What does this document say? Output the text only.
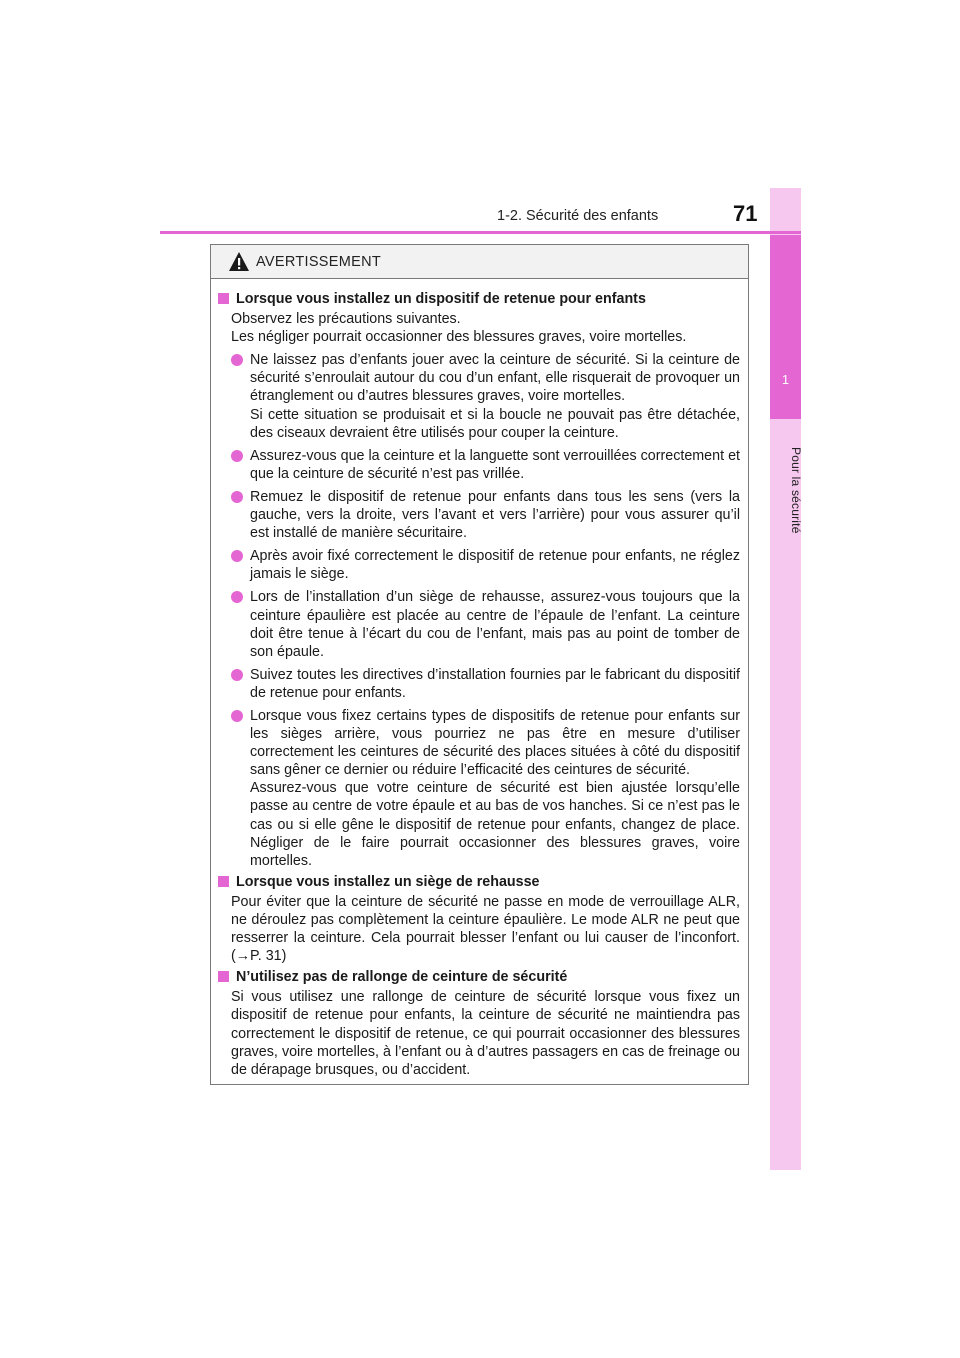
1
Pour la sécurité
1-2. Sécurité des enfants	71
AVERTISSEMENT
Lorsque vous installez un dispositif de retenue pour enfants

Observez les précautions suivantes.

Les négliger pourrait occasionner des blessures graves, voire mortelles.

Ne laissez pas d’enfants jouer avec la ceinture de sécurité. Si la ceinture de sécurité s’enroulait autour du cou d’un enfant, elle risquerait de provoquer un étranglement ou d’autres blessures graves, voire mortelles.

Si cette situation se produisait et si la boucle ne pouvait pas être détachée, des ciseaux devraient être utilisés pour couper la ceinture.

Assurez-vous que la ceinture et la languette sont verrouillées correctement et que la ceinture de sécurité n’est pas vrillée.

Remuez le dispositif de retenue pour enfants dans tous les sens (vers la gauche, vers la droite, vers l’avant et vers l’arrière) pour vous assurer qu’il est installé de manière sécuritaire.

Après avoir fixé correctement le dispositif de retenue pour enfants, ne réglez jamais le siège.

Lors de l’installation d’un siège de rehausse, assurez-vous toujours que la ceinture épaulière est placée au centre de l’épaule de l’enfant. La ceinture doit être tenue à l’écart du cou de l’enfant, mais pas au point de tomber de son épaule.

Suivez toutes les directives d’installation fournies par le fabricant du dispositif de retenue pour enfants.

Lorsque vous fixez certains types de dispositifs de retenue pour enfants sur les sièges arrière, vous pourriez ne pas être en mesure d’utiliser correctement les ceintures de sécurité des places situées à côté du dispositif sans gêner ce dernier ou réduire l’efficacité des ceintures de sécurité.

Assurez-vous que votre ceinture de sécurité est bien ajustée lorsqu’elle passe au centre de votre épaule et au bas de vos hanches. Si ce n’est pas le cas ou si elle gêne le dispositif de retenue pour enfants, changez de place. Négliger de le faire pourrait occasionner des blessures graves, voire mortelles.

Lorsque vous installez un siège de rehausse

Pour éviter que la ceinture de sécurité ne passe en mode de verrouillage ALR, ne déroulez pas complètement la ceinture épaulière. Le mode ALR ne peut que resserrer la ceinture. Cela pourrait blesser l’enfant ou lui causer de l’inconfort. (→P. 31)

N’utilisez pas de rallonge de ceinture de sécurité

Si vous utilisez une rallonge de ceinture de sécurité lorsque vous fixez un dispositif de retenue pour enfants, la ceinture de sécurité ne maintiendra pas correctement le dispositif de retenue, ce qui pourrait occasionner des blessures graves, voire mortelles, à l’enfant ou à d’autres passagers en cas de freinage ou de dérapage brusques, ou d’accident.
